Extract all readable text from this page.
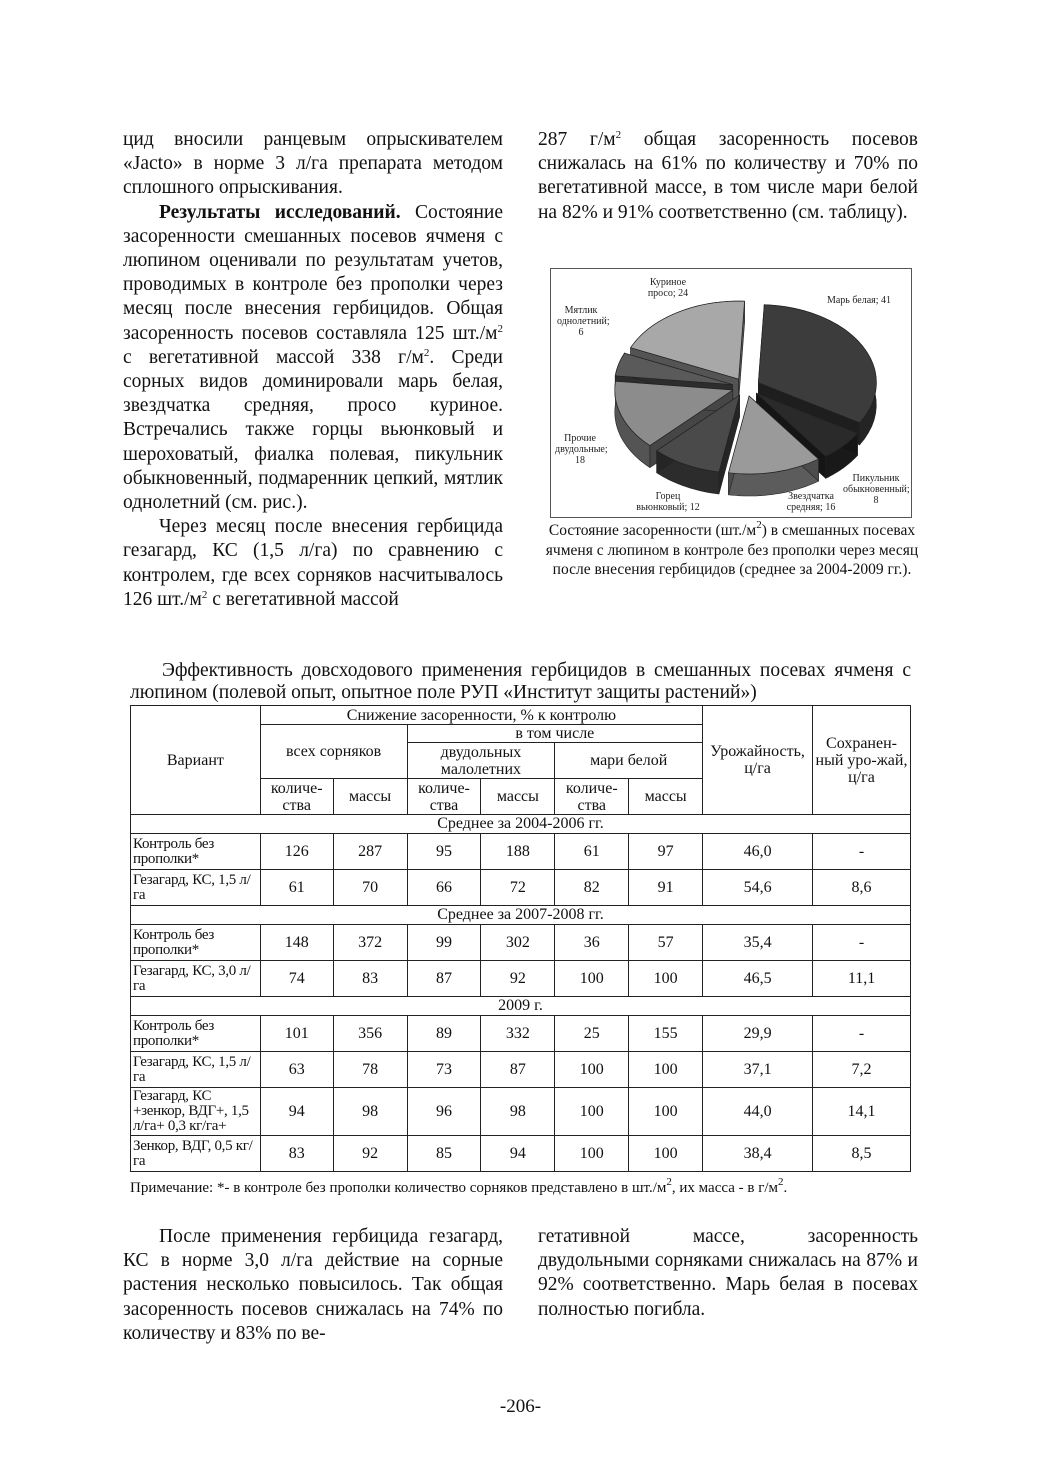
цид вносили ранцевым опрыскивателем «Jacto» в норме 3 л/га препарата методом сплошного опрыскивания.

Результаты исследований. Состояние засоренности смешанных посевов ячменя с люпином оценивали по результатам учетов, проводимых в контроле без прополки через месяц после внесения гербицидов. Общая засоренность посевов составляла 125 $шт./м^2$ с вегетативной массой 338 $г/м^2$. Среди сорных видов доминировали марь белая, звездчатка средняя, просо куриное. Встречались также горцы вьюнковый и шероховатый, фиалка полевая, пикульник обыкновенный, подмаренник цепкий, мятлик однолетний (см. рис.).

Через месяц после внесения гербицида гезагард, КС (1,5 л/га) по сравнению с контролем, где всех сорняков насчитывалось 126 $шт./м^2$ с вегетативной массой

287 $г/м^2$ общая засоренность посевов снижалась на 61% по количеству и 70% по вегетативной массе, в том числе мари белой на 82% и 91% соответственно (см. таблицу).

Куриное просо; 24
Марь белая; 41
Мятлик однолетний; 6
Прочие двудольные; 18
Пикульник обыкновенный; 8
Горец вьюнковый; 12
Звездчатка средняя; 16
Состояние засоренности $(шт./м^2)$ в смешанных посевах ячменя с люпином в контроле без прополки через месяц после внесения гербицидов (среднее за 2004-2009 гг.).
Эффективность довсходового применения гербицидов в смешанных посевах ячменя с люпином (полевой опыт, опытное поле РУП «Институт защиты растений»)
Вариант	Снижение засоренности, % к контролю						Урожайность, ц/га	Сохранен-ный уро-жай, ц/га
	всех сорняков		в том числе					
			двудольных малолетних		мари белой			
	количе-ства	массы	количе-ства	массы	количе-ства	массы		
Среднее за 2004-2006 гг.								
Контроль без прополки*	126	287	95	188	61	97	46,0	-
Гезагард, КС, 1,5 л/га	61	70	66	72	82	91	54,6	8,6
Среднее за 2007-2008 гг.								
Контроль без прополки*	148	372	99	302	36	57	35,4	-
Гезагард, КС, 3,0 л/га	74	83	87	92	100	100	46,5	11,1
2009 г.								
Контроль без прополки*	101	356	89	332	25	155	29,9	-
Гезагард, КС, 1,5 л/га	63	78	73	87	100	100	37,1	7,2
Гезагард, КС +зенкор, ВДГ+, 1,5 л/га+ 0,3 кг/га+	94	98	96	98	100	100	44,0	14,1
Зенкор, ВДГ, 0,5 кг/га	83	92	85	94	100	100	38,4	8,5
Примечание: *- в контроле без прополки количество сорняков представлено в $шт./м^2$, их масса - в $г/м^2$.

После применения гербицида гезагард, КС в норме 3,0 л/га действие на сорные растения несколько повысилось. Так общая засоренность посевов снижалась на 74% по количеству и 83% по ве-

гетативной массе, засоренность двудольными сорняками снижалась на 87% и 92% соответственно. Марь белая в посевах полностью погибла.

-206-
